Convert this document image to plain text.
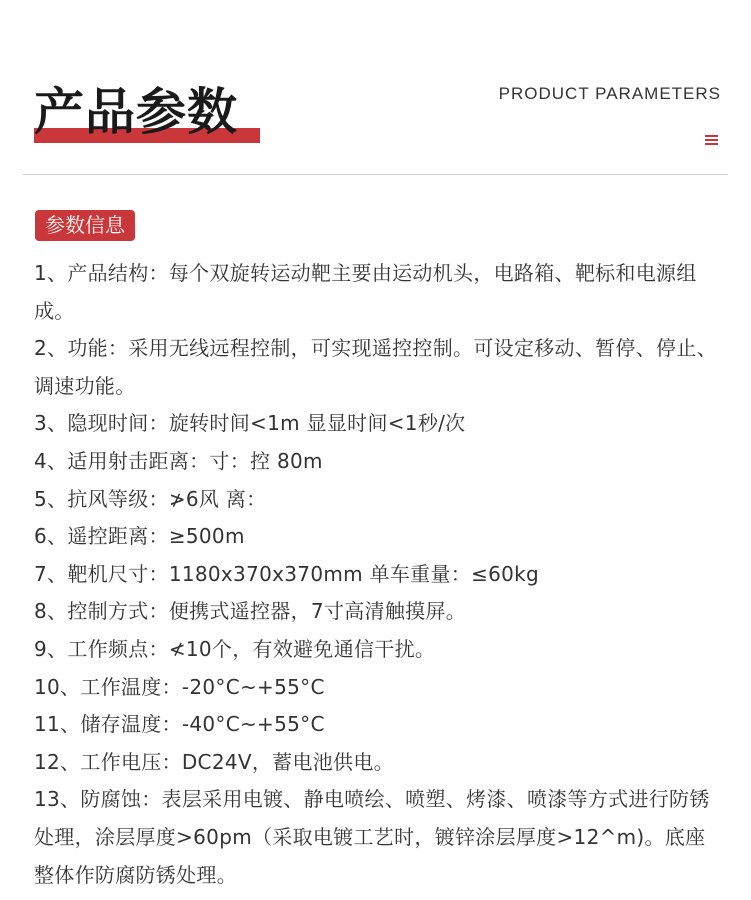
产品参数	PRODUCT PARAMETERS
参数信息
1、产品结构：每个双旋转运动靶主要由运动机头，电路箱、靶标和电源组成。
2、功能：采用无线远程控制，可实现遥控控制。可设定移动、暂停、停止、调速功能。
3、隐现时间：旋转时间<1m 显显时间<1秒/次
4、适用射击距离：寸：控 80m
5、抗风等级：≯6风 离：
6、遥控距离：≥500m
7、靶机尺寸：1180x370x370mm 单车重量：≤60kg
8、控制方式：便携式遥控器，7寸高清触摸屏。
9、工作频点：≮10个，有效避免通信干扰。
10、工作温度：-20°C~+55°C
11、储存温度：-40°C~+55°C
12、工作电压：DC24V，蓄电池供电。
13、防腐蚀：表层采用电镀、静电喷绘、喷塑、烤漆、喷漆等方式进行防锈处理，涂层厚度>60pm（采取电镀工艺时，镀锌涂层厚度>12^m)。底座整体作防腐防锈处理。
